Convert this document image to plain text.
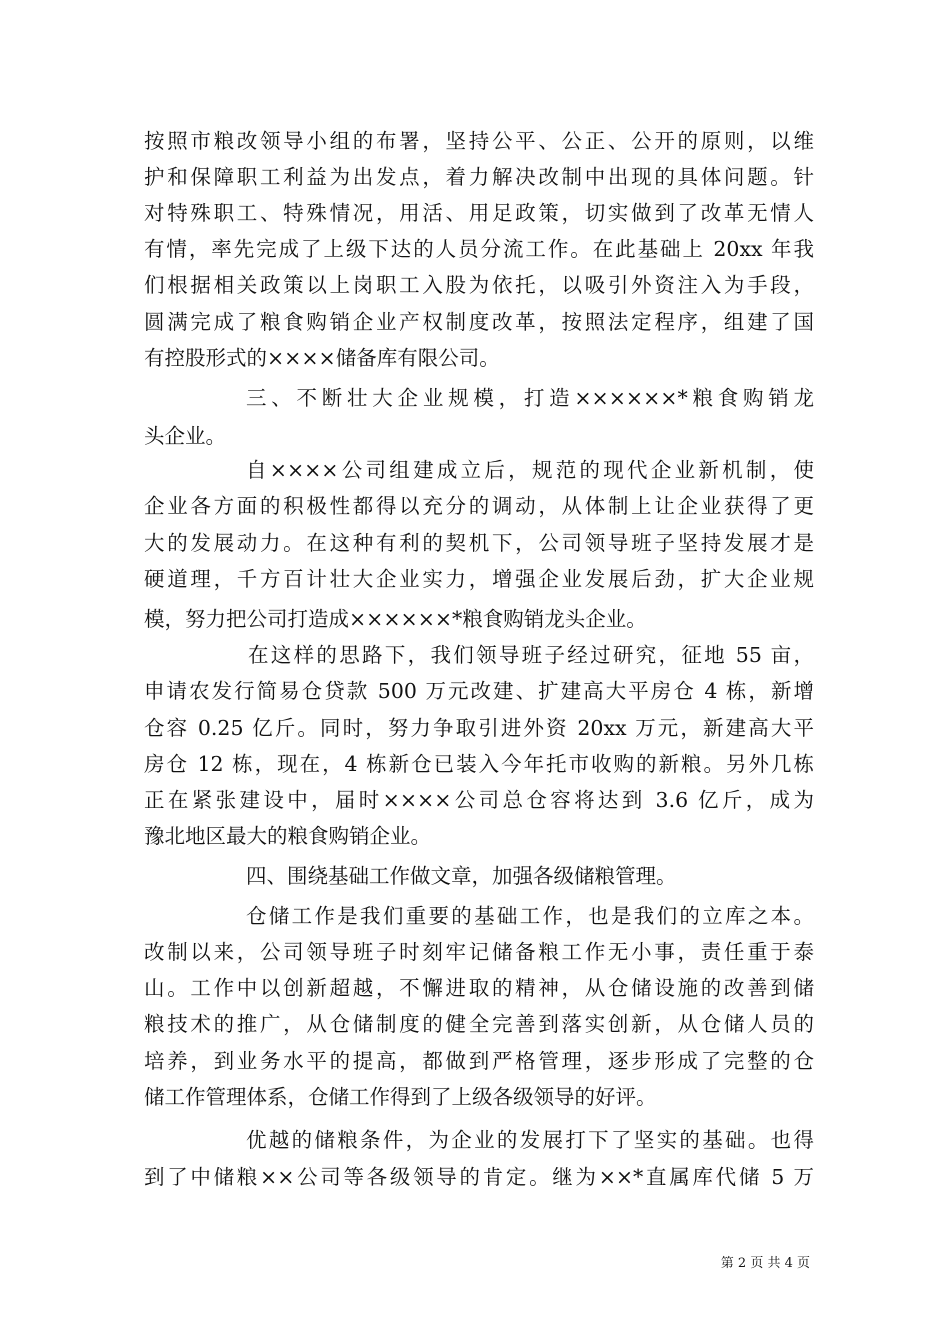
按照市粮改领导小组的布署，坚持公平、公正、公开的原则，以维
护和保障职工利益为出发点，着力解决改制中出现的具体问题。针
对特殊职工、特殊情况，用活、用足政策，切实做到了改革无情人
有情，率先完成了上级下达的人员分流工作。在此基础上 20xx 年我
们根据相关政策以上岗职工入股为依托，以吸引外资注入为手段，
圆满完成了粮食购销企业产权制度改革，按照法定程序，组建了国
有控股形式的××××储备库有限公司。
三、不断壮大企业规模，打造××××××*粮食购销龙
头企业。
自××××公司组建成立后，规范的现代企业新机制，使
企业各方面的积极性都得以充分的调动，从体制上让企业获得了更
大的发展动力。在这种有利的契机下，公司领导班子坚持发展才是
硬道理，千方百计壮大企业实力，增强企业发展后劲，扩大企业规
模，努力把公司打造成××××××*粮食购销龙头企业。
在这样的思路下，我们领导班子经过研究，征地 55 亩，
申请农发行简易仓贷款 500 万元改建、扩建高大平房仓 4 栋，新增
仓容 0.25 亿斤。同时，努力争取引进外资 20xx 万元，新建高大平
房仓 12 栋，现在，4 栋新仓已装入今年托市收购的新粮。另外几栋
正在紧张建设中，届时××××公司总仓容将达到 3.6 亿斤，成为
豫北地区最大的粮食购销企业。
四、围绕基础工作做文章，加强各级储粮管理。
仓储工作是我们重要的基础工作，也是我们的立库之本。
改制以来，公司领导班子时刻牢记储备粮工作无小事，责任重于泰
山。工作中以创新超越，不懈进取的精神，从仓储设施的改善到储
粮技术的推广，从仓储制度的健全完善到落实创新，从仓储人员的
培养，到业务水平的提高，都做到严格管理，逐步形成了完整的仓
储工作管理体系，仓储工作得到了上级各级领导的好评。
优越的储粮条件，为企业的发展打下了坚实的基础。也得
到了中储粮××公司等各级领导的肯定。继为××*直属库代储 5 万
第 2 页 共 4 页
